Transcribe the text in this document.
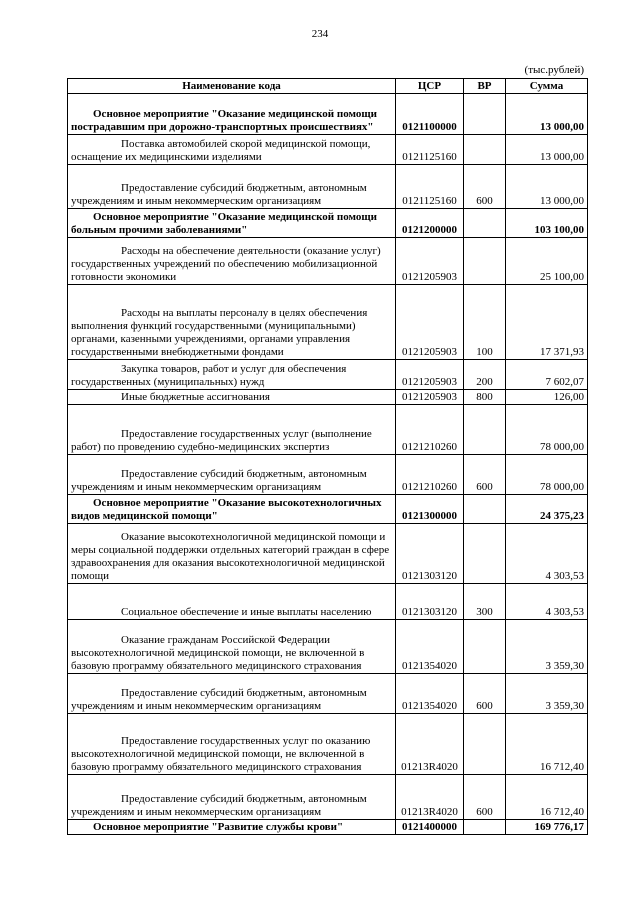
234
(тыс.рублей)
Наименование кода	ЦСР	ВР	Сумма
Основное мероприятие "Оказание медицинской помощи пострадавшим при дорожно-транспортных происшествиях"	0121100000		13 000,00
Поставка автомобилей скорой медицинской помощи, оснащение их медицинскими изделиями	0121125160		13 000,00
Предоставление субсидий бюджетным, автономным учреждениям и иным некоммерческим организациям	0121125160	600	13 000,00
Основное мероприятие "Оказание медицинской помощи больным прочими заболеваниями"	0121200000		103 100,00
Расходы на обеспечение деятельности (оказание услуг) государственных учреждений по обеспечению мобилизационной готовности экономики	0121205903		25 100,00
Расходы на выплаты персоналу в целях обеспечения выполнения функций государственными (муниципальными) органами, казенными учреждениями, органами управления государственными внебюджетными фондами	0121205903	100	17 371,93
Закупка товаров, работ и услуг для обеспечения государственных (муниципальных) нужд	0121205903	200	7 602,07
Иные бюджетные ассигнования	0121205903	800	126,00
Предоставление государственных услуг (выполнение работ) по проведению судебно-медицинских экспертиз	0121210260		78 000,00
Предоставление субсидий бюджетным, автономным учреждениям и иным некоммерческим организациям	0121210260	600	78 000,00
Основное мероприятие "Оказание высокотехнологичных видов медицинской помощи"	0121300000		24 375,23
Оказание высокотехнологичной медицинской помощи и меры социальной поддержки отдельных категорий граждан в сфере здравоохранения для оказания высокотехнологичной медицинской помощи	0121303120		4 303,53
Социальное обеспечение и иные выплаты населению	0121303120	300	4 303,53
Оказание гражданам Российской Федерации высокотехнологичной медицинской помощи, не включенной в базовую программу обязательного медицинского страхования	0121354020		3 359,30
Предоставление субсидий бюджетным, автономным учреждениям и иным некоммерческим организациям	0121354020	600	3 359,30
Предоставление государственных услуг по оказанию высокотехнологичной медицинской помощи, не включенной в базовую программу обязательного медицинского страхования	01213R4020		16 712,40
Предоставление субсидий бюджетным, автономным учреждениям и иным некоммерческим организациям	01213R4020	600	16 712,40
Основное мероприятие "Развитие службы крови"	0121400000		169 776,17
